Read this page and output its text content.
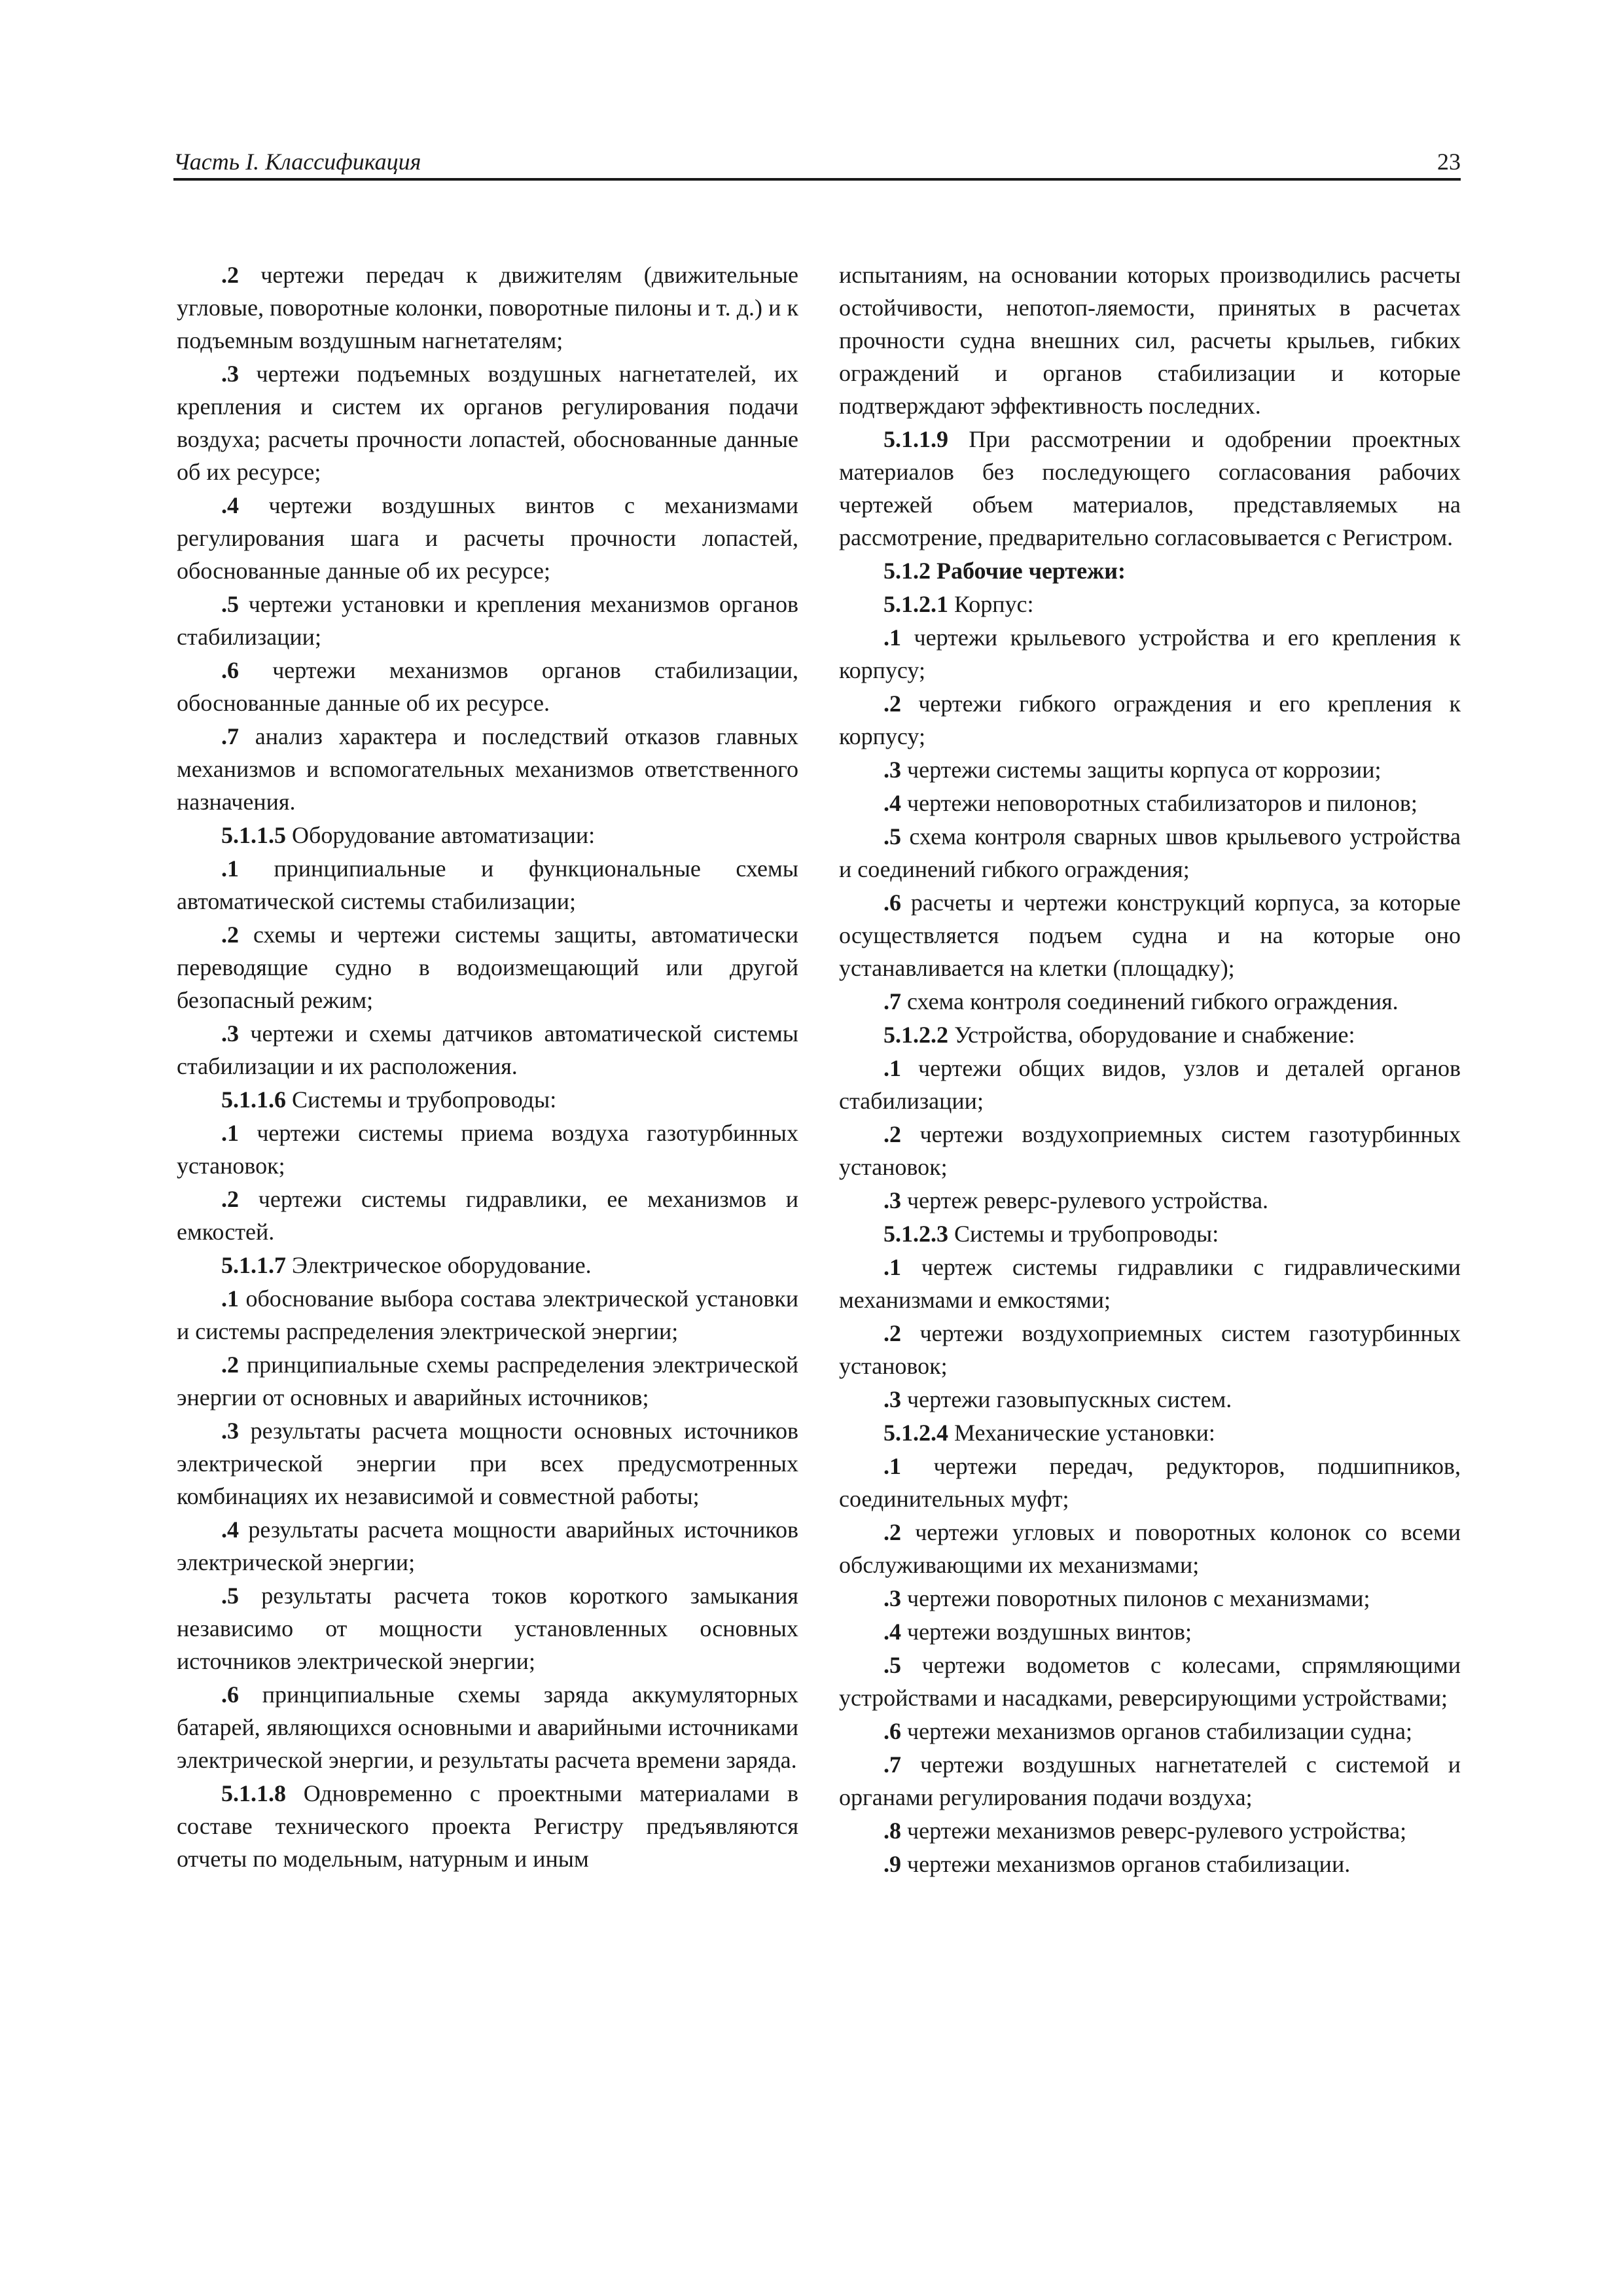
Часть I. Классификация	23

.2 чертежи передач к движителям (движительные угловые, поворотные колонки, поворотные пилоны и т. д.) и к подъемным воздушным нагнетателям;

.3 чертежи подъемных воздушных нагнетателей, их крепления и систем их органов регулирования подачи воздуха; расчеты прочности лопастей, обоснованные данные об их ресурсе;

.4 чертежи воздушных винтов с механизмами регулирования шага и расчеты прочности лопастей, обоснованные данные об их ресурсе;

.5 чертежи установки и крепления механизмов органов стабилизации;

.6 чертежи механизмов органов стабилизации, обоснованные данные об их ресурсе.

.7 анализ характера и последствий отказов главных механизмов и вспомогательных механизмов ответственного назначения.

5.1.1.5 Оборудование автоматизации:

.1 принципиальные и функциональные схемы автоматической системы стабилизации;

.2 схемы и чертежи системы защиты, автоматически переводящие судно в водоизмещающий или другой безопасный режим;

.3 чертежи и схемы датчиков автоматической системы стабилизации и их расположения.

5.1.1.6 Системы и трубопроводы:

.1 чертежи системы приема воздуха газотурбинных установок;

.2 чертежи системы гидравлики, ее механизмов и емкостей.

5.1.1.7 Электрическое оборудование.

.1 обоснование выбора состава электрической установки и системы распределения электрической энергии;

.2 принципиальные схемы распределения электрической энергии от основных и аварийных источников;

.3 результаты расчета мощности основных источников электрической энергии при всех предусмотренных комбинациях их независимой и совместной работы;

.4 результаты расчета мощности аварийных источников электрической энергии;

.5 результаты расчета токов короткого замыкания независимо от мощности установленных основных источников электрической энергии;

.6 принципиальные схемы заряда аккумуляторных батарей, являющихся основными и аварийными источниками электрической энергии, и результаты расчета времени заряда.

5.1.1.8 Одновременно с проектными материалами в составе технического проекта Регистру предъявляются отчеты по модельным, натурным и иным

испытаниям, на основании которых производились расчеты остойчивости, непотоп-ляемости, принятых в расчетах прочности судна внешних сил, расчеты крыльев, гибких ограждений и органов стабилизации и которые подтверждают эффективность последних.

5.1.1.9 При рассмотрении и одобрении проектных материалов без последующего согласования рабочих чертежей объем материалов, представляемых на рассмотрение, предварительно согласовывается с Регистром.

5.1.2 Рабочие чертежи:

5.1.2.1 Корпус:

.1 чертежи крыльевого устройства и его крепления к корпусу;

.2 чертежи гибкого ограждения и его крепления к корпусу;

.3 чертежи системы защиты корпуса от коррозии;

.4 чертежи неповоротных стабилизаторов и пилонов;

.5 схема контроля сварных швов крыльевого устройства и соединений гибкого ограждения;

.6 расчеты и чертежи конструкций корпуса, за которые осуществляется подъем судна и на которые оно устанавливается на клетки (площадку);

.7 схема контроля соединений гибкого ограждения.

5.1.2.2 Устройства, оборудование и снабжение:

.1 чертежи общих видов, узлов и деталей органов стабилизации;

.2 чертежи воздухоприемных систем газотурбинных установок;

.3 чертеж реверс-рулевого устройства.

5.1.2.3 Системы и трубопроводы:

.1 чертеж системы гидравлики с гидравлическими механизмами и емкостями;

.2 чертежи воздухоприемных систем газотурбинных установок;

.3 чертежи газовыпускных систем.

5.1.2.4 Механические установки:

.1 чертежи передач, редукторов, подшипников, соединительных муфт;

.2 чертежи угловых и поворотных колонок со всеми обслуживающими их механизмами;

.3 чертежи поворотных пилонов с механизмами;

.4 чертежи воздушных винтов;

.5 чертежи водометов с колесами, спрямляющими устройствами и насадками, реверсирующими устройствами;

.6 чертежи механизмов органов стабилизации судна;

.7 чертежи воздушных нагнетателей с системой и органами регулирования подачи воздуха;

.8 чертежи механизмов реверс-рулевого устройства;

.9 чертежи механизмов органов стабилизации.
